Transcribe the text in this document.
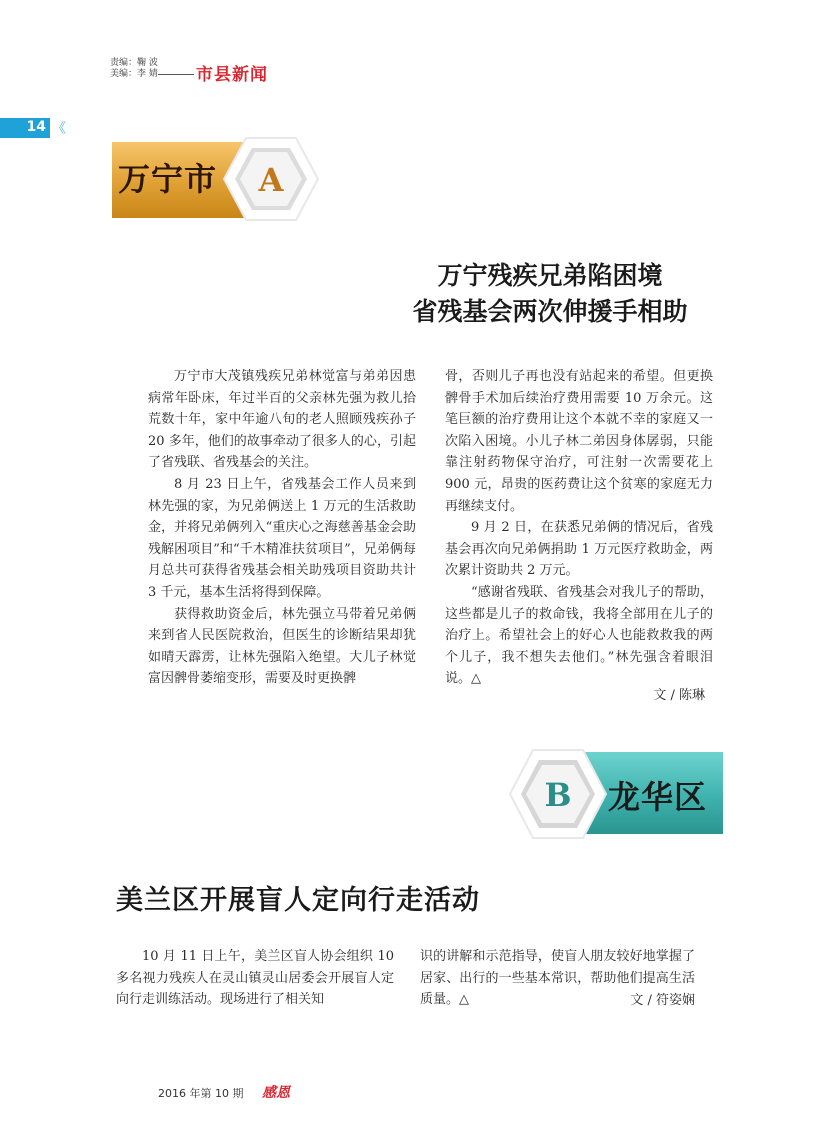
责编：鞠 波
美编：李 婧 市县新闻
14 《
万宁市 A
万宁残疾兄弟陷困境
省残基会两次伸援手相助

万宁市大茂镇残疾兄弟林觉富与弟弟因患病常年卧床，年过半百的父亲林先强为救儿拾荒数十年，家中年逾八旬的老人照顾残疾孙子 20 多年，他们的故事牵动了很多人的心，引起了省残联、省残基会的关注。

8 月 23 日上午，省残基会工作人员来到林先强的家，为兄弟俩送上 1 万元的生活救助金，并将兄弟俩列入“重庆心之海慈善基金会助残解困项目”和“千木精准扶贫项目”，兄弟俩每月总共可获得省残基会相关助残项目资助共计 3 千元，基本生活将得到保障。

获得救助资金后，林先强立马带着兄弟俩来到省人民医院救治，但医生的诊断结果却犹如晴天霹雳，让林先强陷入绝望。大儿子林觉富因髀骨萎缩变形，需要及时更换髀

骨，否则儿子再也没有站起来的希望。但更换髀骨手术加后续治疗费用需要 10 万余元。这笔巨额的治疗费用让这个本就不幸的家庭又一次陷入困境。小儿子林二弟因身体孱弱，只能靠注射药物保守治疗，可注射一次需要花上 900 元，昂贵的医药费让这个贫寒的家庭无力再继续支付。

9 月 2 日，在获悉兄弟俩的情况后，省残基会再次向兄弟俩捐助 1 万元医疗救助金，两次累计资助共 2 万元。

“感谢省残联、省残基会对我儿子的帮助，这些都是儿子的救命钱，我将全部用在儿子的治疗上。希望社会上的好心人也能救救我的两个儿子，我不想失去他们。”林先强含着眼泪说。△

文 / 陈琳
龙华区
B
美兰区开展盲人定向行走活动

10 月 11 日上午，美兰区盲人协会组织 10 多名视力残疾人在灵山镇灵山居委会开展盲人定向行走训练活动。现场进行了相关知

识的讲解和示范指导，使盲人朋友较好地掌握了居家、出行的一些基本常识，帮助他们提高生活质量。△	文 / 符姿娴
2016 年第 10 期 感恩
